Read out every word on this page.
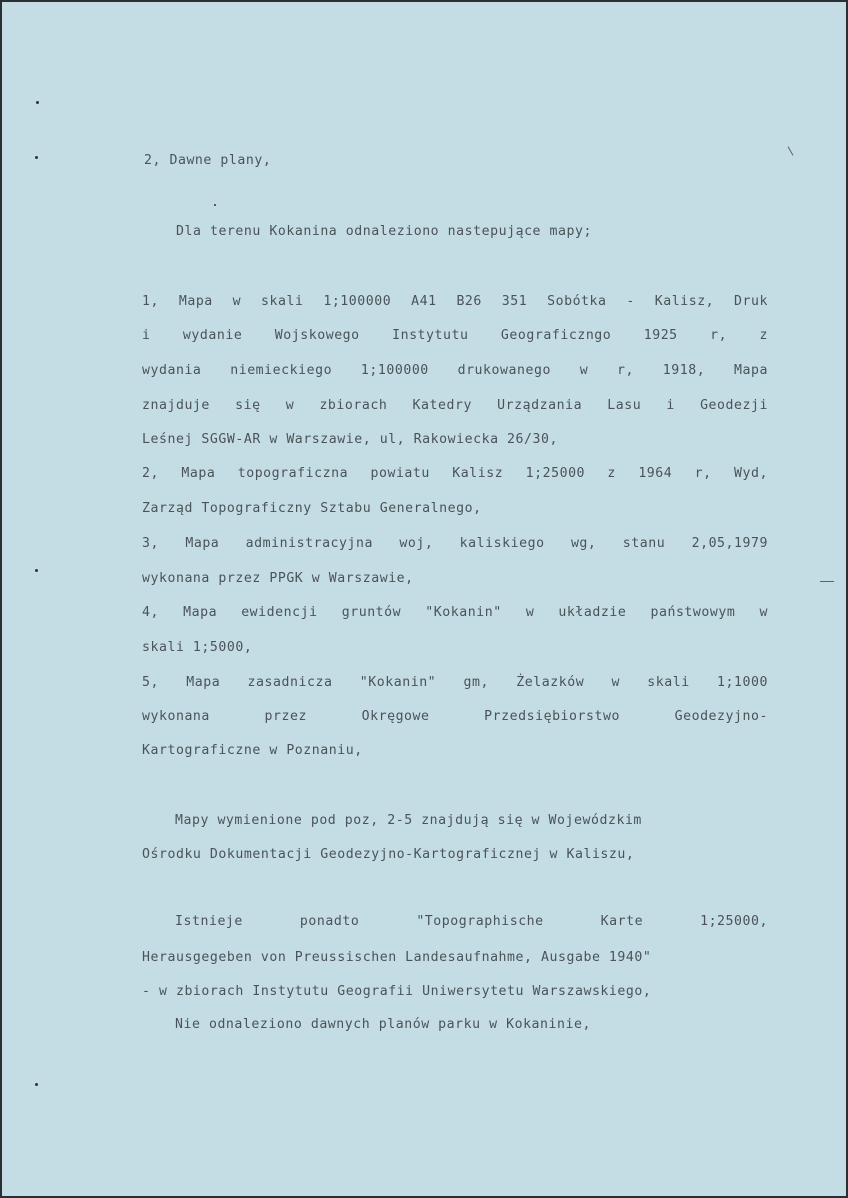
2, Dawne plany,
Dla terenu Kokanina odnaleziono nastepujące mapy;
1, Mapa w skali 1;100000 A41 B26 351 Sobótka - Kalisz, Druk
i wydanie Wojskowego Instytutu Geograficzngo 1925 r, z
wydania niemieckiego 1;100000 drukowanego w r, 1918, Mapa
znajduje się w zbiorach Katedry Urządzania Lasu i Geodezji
Leśnej SGGW-AR w Warszawie, ul, Rakowiecka 26/30,
2, Mapa topograficzna powiatu Kalisz 1;25000 z 1964 r, Wyd,
Zarząd Topograficzny Sztabu Generalnego,
3, Mapa administracyjna woj, kaliskiego wg, stanu 2,05,1979
wykonana przez PPGK w Warszawie,
4, Mapa ewidencji gruntów "Kokanin" w układzie państwowym w
skali 1;5000,
5, Mapa zasadnicza "Kokanin" gm, Żelazków w skali 1;1000
wykonana przez Okręgowe Przedsiębiorstwo Geodezyjno-
Kartograficzne w Poznaniu,
Mapy wymienione pod poz, 2-5 znajdują się w Wojewódzkim
Ośrodku Dokumentacji Geodezyjno-Kartograficznej w Kaliszu,
Istnieje ponadto "Topographische Karte 1;25000,
Herausgegeben von Preussischen Landesaufnahme, Ausgabe 1940"
- w zbiorach Instytutu Geografii Uniwersytetu Warszawskiego,
Nie odnaleziono dawnych planów parku w Kokaninie,
